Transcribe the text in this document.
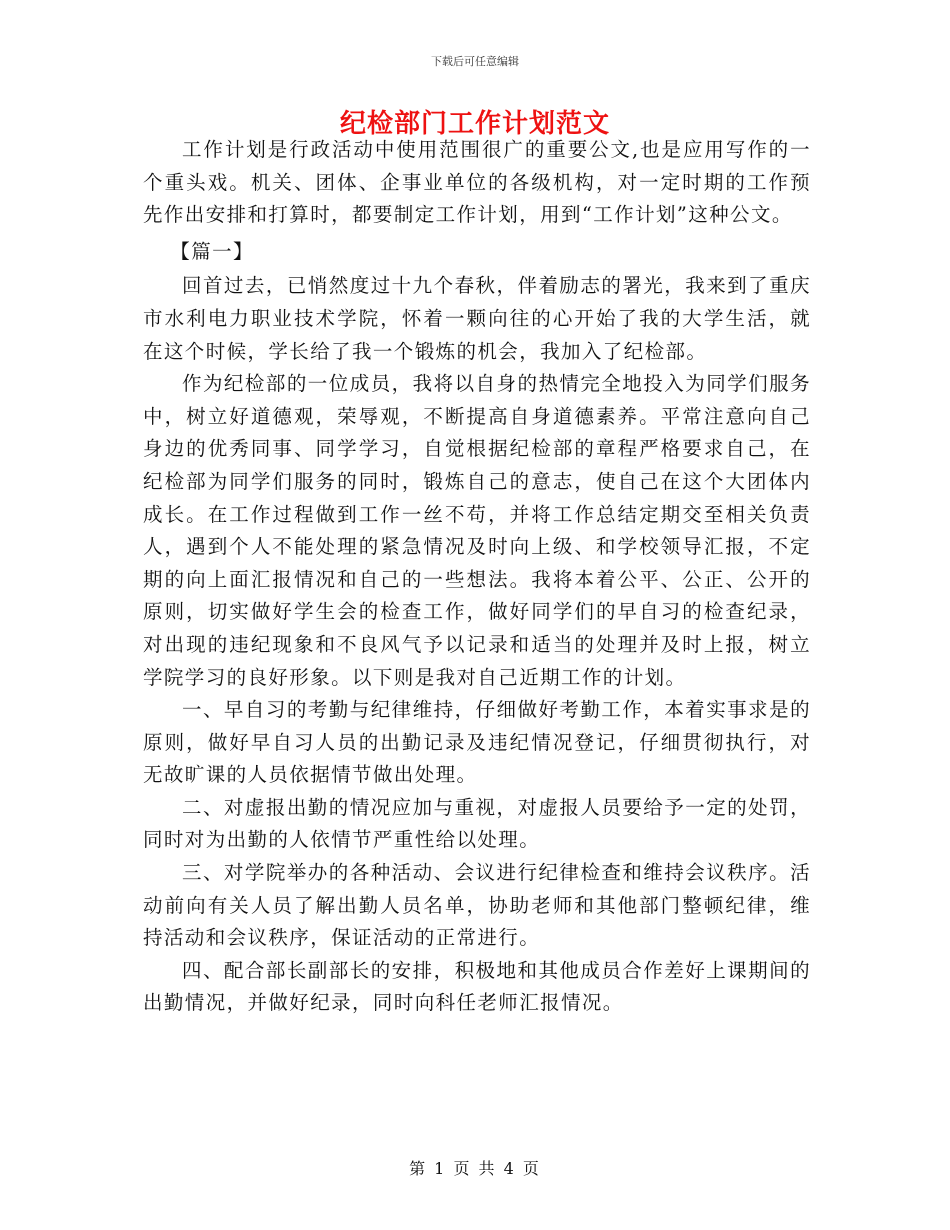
下载后可任意编辑
纪检部门工作计划范文

工作计划是行政活动中使用范围很广的重要公文,也是应用写作的一个重头戏。机关、团体、企事业单位的各级机构，对一定时期的工作预先作出安排和打算时，都要制定工作计划，用到“工作计划”这种公文。

【篇一】

回首过去，已悄然度过十九个春秋，伴着励志的署光，我来到了重庆市水利电力职业技术学院，怀着一颗向往的心开始了我的大学生活，就在这个时候，学长给了我一个锻炼的机会，我加入了纪检部。

作为纪检部的一位成员，我将以自身的热情完全地投入为同学们服务中，树立好道德观，荣辱观，不断提高自身道德素养。平常注意向自己身边的优秀同事、同学学习，自觉根据纪检部的章程严格要求自己，在纪检部为同学们服务的同时，锻炼自己的意志，使自己在这个大团体内成长。在工作过程做到工作一丝不苟，并将工作总结定期交至相关负责人，遇到个人不能处理的紧急情况及时向上级、和学校领导汇报，不定期的向上面汇报情况和自己的一些想法。我将本着公平、公正、公开的原则，切实做好学生会的检查工作，做好同学们的早自习的检查纪录，对出现的违纪现象和不良风气予以记录和适当的处理并及时上报，树立学院学习的良好形象。以下则是我对自己近期工作的计划。

一、早自习的考勤与纪律维持，仔细做好考勤工作，本着实事求是的原则，做好早自习人员的出勤记录及违纪情况登记，仔细贯彻执行，对无故旷课的人员依据情节做出处理。

二、对虚报出勤的情况应加与重视，对虚报人员要给予一定的处罚，同时对为出勤的人依情节严重性给以处理。

三、对学院举办的各种活动、会议进行纪律检查和维持会议秩序。活动前向有关人员了解出勤人员名单，协助老师和其他部门整顿纪律，维持活动和会议秩序，保证活动的正常进行。

四、配合部长副部长的安排，积极地和其他成员合作差好上课期间的出勤情况，并做好纪录，同时向科任老师汇报情况。

第 1 页 共 4 页
